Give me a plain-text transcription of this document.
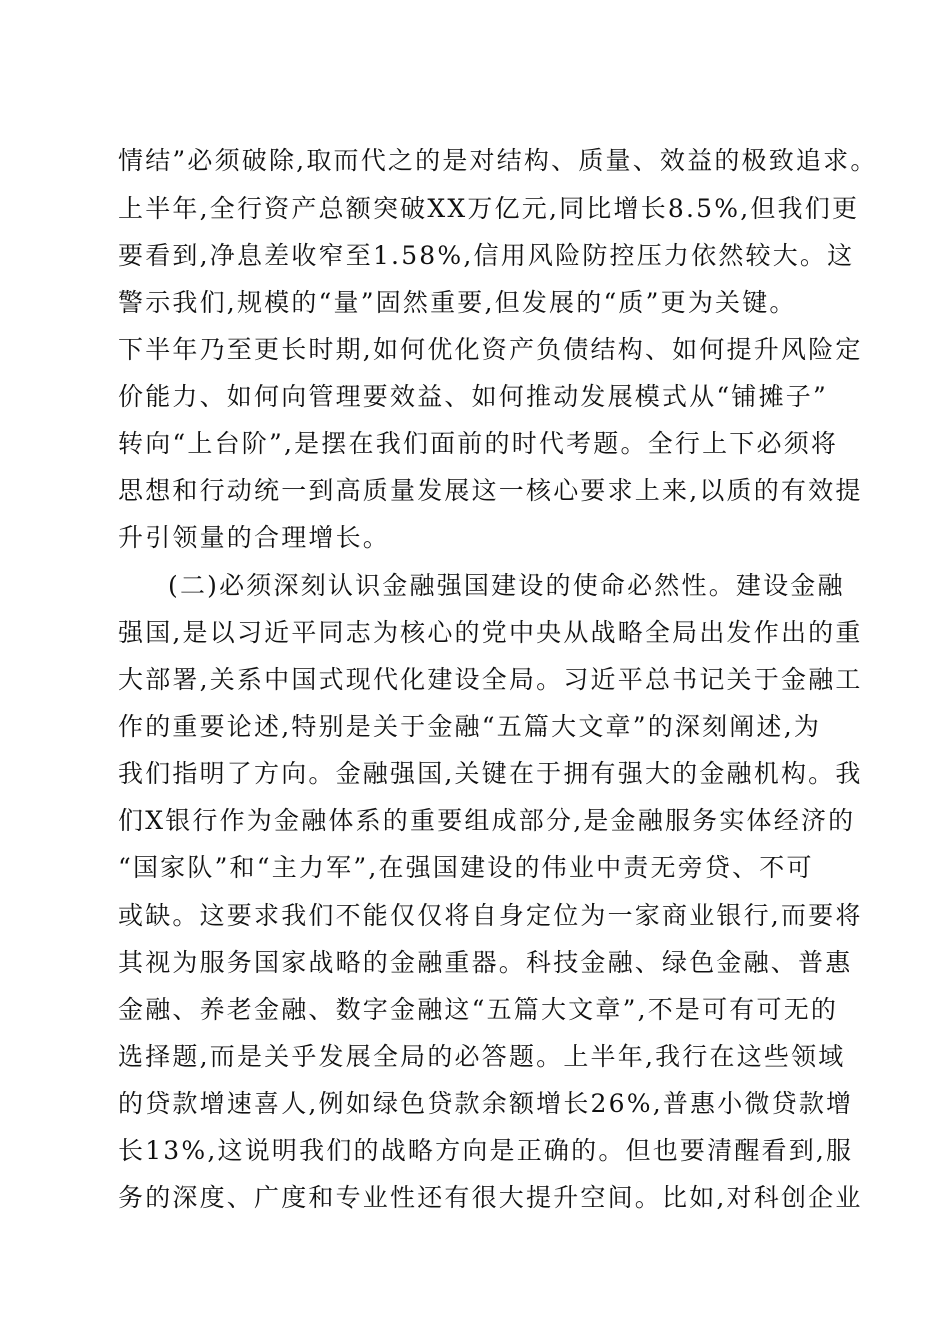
情结”必须破除,取而代之的是对结构、质量、效益的极致追求。
上半年,全行资产总额突破XX万亿元,同比增长8.5%,但我们更
要看到,净息差收窄至1.58%,信用风险防控压力依然较大。这
警示我们,规模的“量”固然重要,但发展的“质”更为关键。
下半年乃至更长时期,如何优化资产负债结构、如何提升风险定
价能力、如何向管理要效益、如何推动发展模式从“铺摊子”
转向“上台阶”,是摆在我们面前的时代考题。全行上下必须将
思想和行动统一到高质量发展这一核心要求上来,以质的有效提
升引领量的合理增长。
(二)必须深刻认识金融强国建设的使命必然性。建设金融
强国,是以习近平同志为核心的党中央从战略全局出发作出的重
大部署,关系中国式现代化建设全局。习近平总书记关于金融工
作的重要论述,特别是关于金融“五篇大文章”的深刻阐述,为
我们指明了方向。金融强国,关键在于拥有强大的金融机构。我
们X银行作为金融体系的重要组成部分,是金融服务实体经济的
“国家队”和“主力军”,在强国建设的伟业中责无旁贷、不可
或缺。这要求我们不能仅仅将自身定位为一家商业银行,而要将
其视为服务国家战略的金融重器。科技金融、绿色金融、普惠
金融、养老金融、数字金融这“五篇大文章”,不是可有可无的
选择题,而是关乎发展全局的必答题。上半年,我行在这些领域
的贷款增速喜人,例如绿色贷款余额增长26%,普惠小微贷款增
长13%,这说明我们的战略方向是正确的。但也要清醒看到,服
务的深度、广度和专业性还有很大提升空间。比如,对科创企业
